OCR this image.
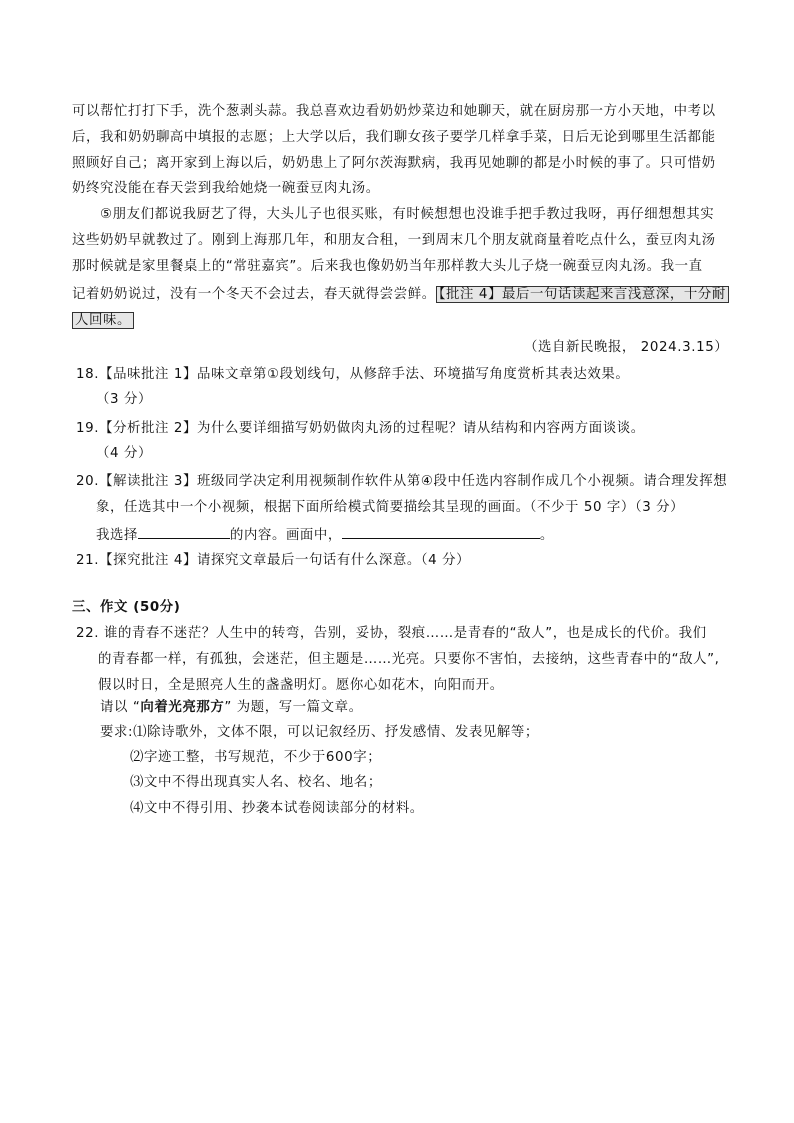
可以帮忙打打下手，洗个葱剥头蒜。我总喜欢边看奶奶炒菜边和她聊天，就在厨房那一方小天地，中考以
后，我和奶奶聊高中填报的志愿；上大学以后，我们聊女孩子要学几样拿手菜，日后无论到哪里生活都能
照顾好自己；离开家到上海以后，奶奶患上了阿尔茨海默病，我再见她聊的都是小时候的事了。只可惜奶
奶终究没能在春天尝到我给她烧一碗蚕豆肉丸汤。
⑤朋友们都说我厨艺了得，大头儿子也很买账，有时候想想也没谁手把手教过我呀，再仔细想想其实
这些奶奶早就教过了。刚到上海那几年，和朋友合租，一到周末几个朋友就商量着吃点什么，蚕豆肉丸汤
那时候就是家里餐桌上的“常驻嘉宾”。后来我也像奶奶当年那样教大头儿子烧一碗蚕豆肉丸汤。我一直
记着奶奶说过，没有一个冬天不会过去，春天就得尝尝鲜。 【批注 4】最后一句话读起来言浅意深，十分耐
人回味。
（选自新民晚报， 2024.3.15）
18.【品味批注 1】品味文章第①段划线句，从修辞手法、环境描写角度赏析其表达效果。
（3 分）
19.【分析批注 2】为什么要详细描写奶奶做肉丸汤的过程呢？请从结构和内容两方面谈谈。
（4 分）
20.【解读批注 3】班级同学决定利用视频制作软件从第④段中任选内容制作成几个小视频。请合理发挥想
象，任选其中一个小视频，根据下面所给模式简要描绘其呈现的画面。（不少于 50 字）（3 分）
我选择	的内容。画面中，	。
21.【探究批注 4】请探究文章最后一句话有什么深意。（4 分）
三、作文 (50分)
22. 谁的青春不迷茫？人生中的转弯，告别，妥协，裂痕……是青春的“敌人”，也是成长的代价。我们
的青春都一样，有孤独，会迷茫，但主题是……光亮。只要你不害怕，去接纳，这些青春中的“敌人”,
假以时日，全是照亮人生的盏盏明灯。愿你心如花木，向阳而开。
请以 “向着光亮那方” 为题，写一篇文章。
要求:⑴除诗歌外，文体不限，可以记叙经历、抒发感情、发表见解等；
⑵字迹工整，书写规范，不少于600字；
⑶文中不得出现真实人名、校名、地名；
⑷文中不得引用、抄袭本试卷阅读部分的材料。
